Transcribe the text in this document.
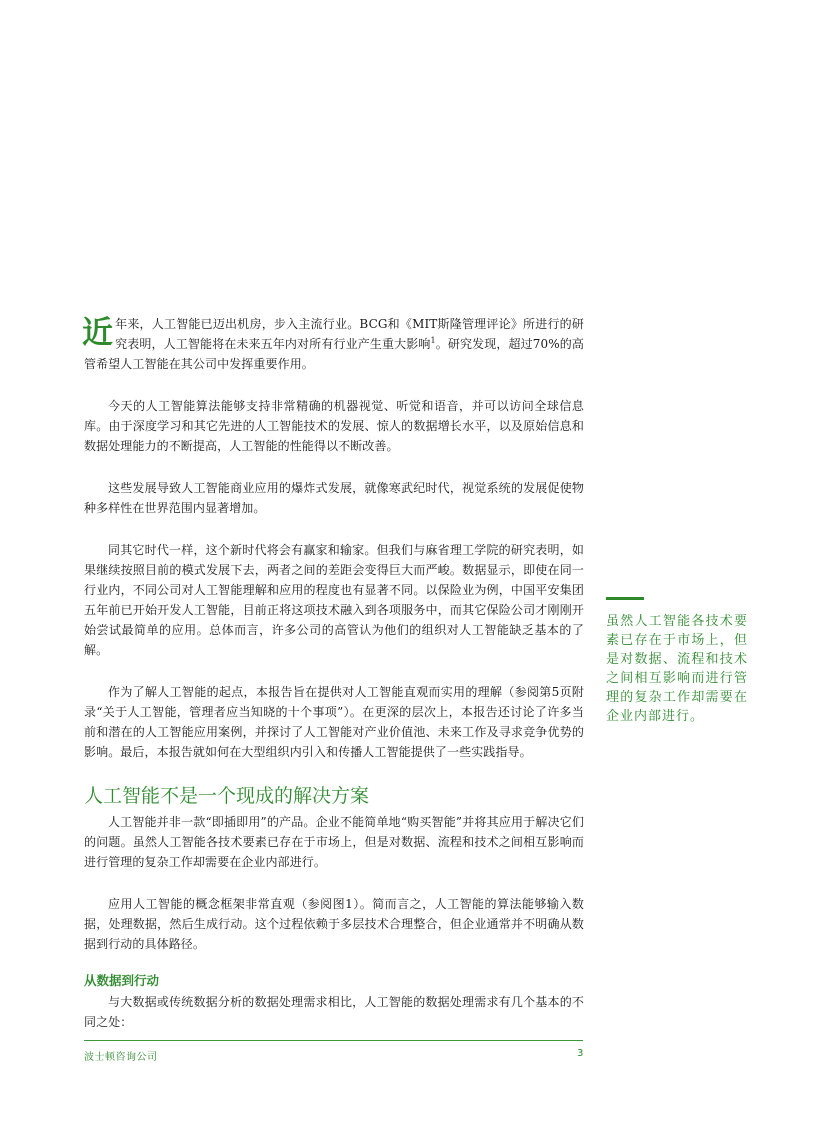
近年来，人工智能已迈出机房，步入主流行业。BCG和《MIT斯隆管理评论》所进行的研究表明，人工智能将在未来五年内对所有行业产生重大影响$^1$。研究发现，超过70%的高管希望人工智能在其公司中发挥重要作用。

今天的人工智能算法能够支持非常精确的机器视觉、听觉和语音，并可以访问全球信息库。由于深度学习和其它先进的人工智能技术的发展、惊人的数据增长水平，以及原始信息和数据处理能力的不断提高，人工智能的性能得以不断改善。

这些发展导致人工智能商业应用的爆炸式发展，就像寒武纪时代，视觉系统的发展促使物种多样性在世界范围内显著增加。

同其它时代一样，这个新时代将会有赢家和输家。但我们与麻省理工学院的研究表明，如果继续按照目前的模式发展下去，两者之间的差距会变得巨大而严峻。数据显示，即使在同一行业内，不同公司对人工智能理解和应用的程度也有显著不同。以保险业为例，中国平安集团五年前已开始开发人工智能，目前正将这项技术融入到各项服务中，而其它保险公司才刚刚开始尝试最简单的应用。总体而言，许多公司的高管认为他们的组织对人工智能缺乏基本的了解。

作为了解人工智能的起点，本报告旨在提供对人工智能直观而实用的理解（参阅第5页附录“关于人工智能，管理者应当知晓的十个事项”）。在更深的层次上，本报告还讨论了许多当前和潜在的人工智能应用案例，并探讨了人工智能对产业价值池、未来工作及寻求竞争优势的影响。最后，本报告就如何在大型组织内引入和传播人工智能提供了一些实践指导。

人工智能不是一个现成的解决方案

人工智能并非一款“即插即用”的产品。企业不能简单地“购买智能”并将其应用于解决它们的问题。虽然人工智能各技术要素已存在于市场上，但是对数据、流程和技术之间相互影响而进行管理的复杂工作却需要在企业内部进行。

应用人工智能的概念框架非常直观（参阅图1）。简而言之，人工智能的算法能够输入数据，处理数据，然后生成行动。这个过程依赖于多层技术合理整合，但企业通常并不明确从数据到行动的具体路径。

从数据到行动

与大数据或传统数据分析的数据处理需求相比，人工智能的数据处理需求有几个基本的不同之处：

虽然人工智能各技术要素已存在于市场上，但是对数据、流程和技术之间相互影响而进行管理的复杂工作却需要在企业内部进行。

波士顿咨询公司	3
